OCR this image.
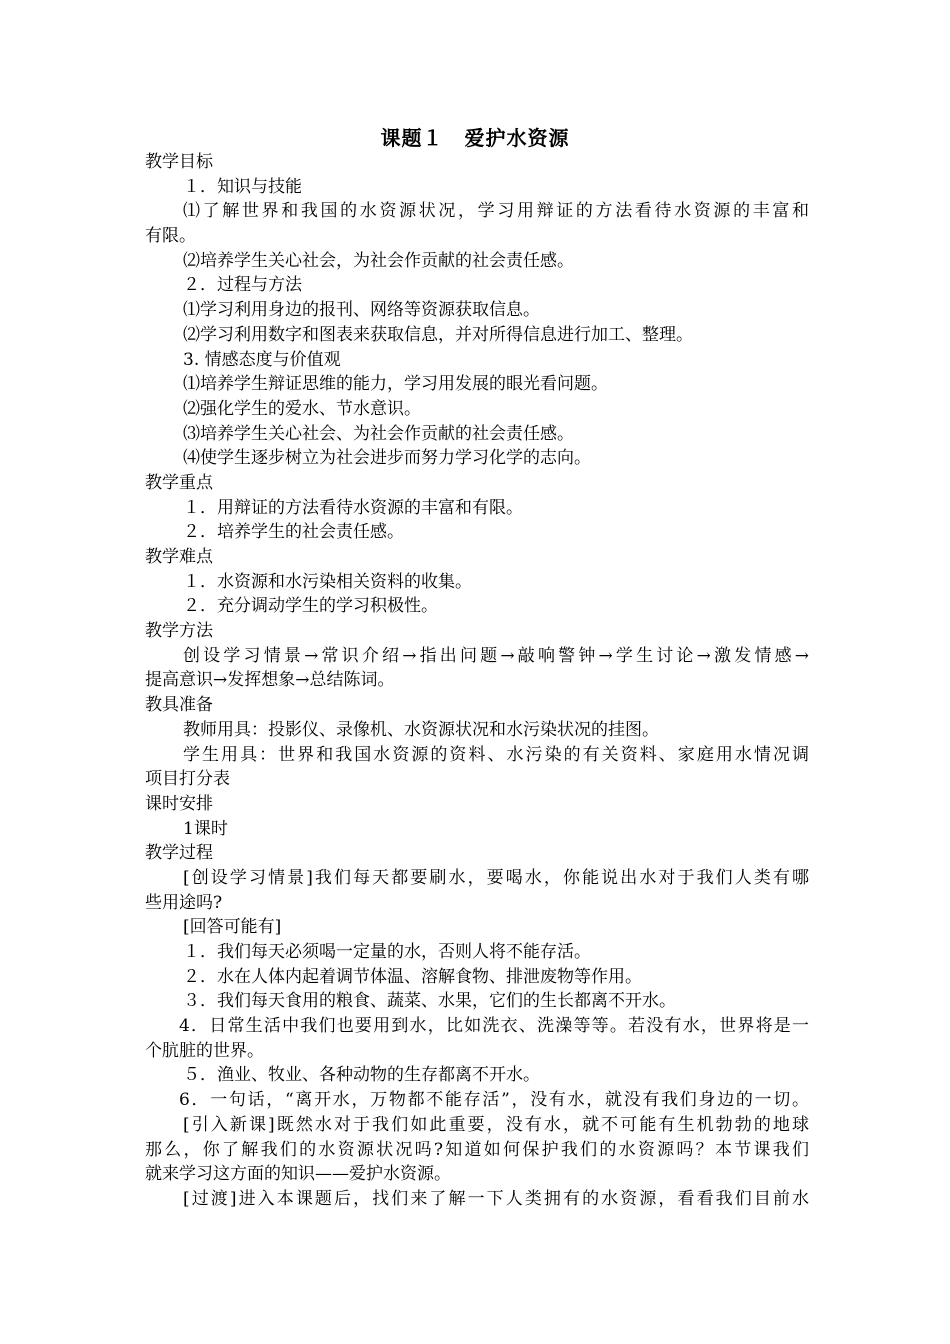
课题１　爱护水资源
教学目标
１．知识与技能
⑴了解世界和我国的水资源状况，学习用辩证的方法看待水资源的丰富和
有限。
⑵培养学生关心社会，为社会作贡献的社会责任感。
２．过程与方法
⑴学习利用身边的报刊、网络等资源获取信息。
⑵学习利用数字和图表来获取信息，并对所得信息进行加工、整理。
3. 情感态度与价值观
⑴培养学生辩证思维的能力，学习用发展的眼光看问题。
⑵强化学生的爱水、节水意识。
⑶培养学生关心社会、为社会作贡献的社会责任感。
⑷使学生逐步树立为社会进步而努力学习化学的志向。
教学重点
１．用辩证的方法看待水资源的丰富和有限。
２．培养学生的社会责任感。
教学难点
１．水资源和水污染相关资料的收集。
２．充分调动学生的学习积极性。
教学方法
创设学习情景→常识介绍→指出问题→敲响警钟→学生讨论→激发情感→
提高意识→发挥想象→总结陈词。
教具准备
教师用具：投影仪、录像机、水资源状况和水污染状况的挂图。
学生用具：世界和我国水资源的资料、水污染的有关资料、家庭用水情况调
项目打分表
课时安排
1课时
教学过程
[创设学习情景]我们每天都要刷水，要喝水，你能说出水对于我们人类有哪
些用途吗?
[回答可能有]
１．我们每天必须喝一定量的水，否则人将不能存活。
２．水在人体内起着调节体温、溶解食物、排泄废物等作用。
３．我们每天食用的粮食、蔬菜、水果，它们的生长都离不开水。
4．日常生活中我们也要用到水，比如洗衣、洗澡等等。若没有水，世界将是一
个肮脏的世界。
５．渔业、牧业、各种动物的生存都离不开水。
6．一句话，“离开水，万物都不能存活”，没有水，就没有我们身边的一切。
[引入新课]既然水对于我们如此重要，没有水，就不可能有生机勃勃的地球
那么，你了解我们的水资源状况吗?知道如何保护我们的水资源吗？本节课我们
就来学习这方面的知识——爱护水资源。
[过渡]进入本课题后，找们来了解一下人类拥有的水资源，看看我们目前水
